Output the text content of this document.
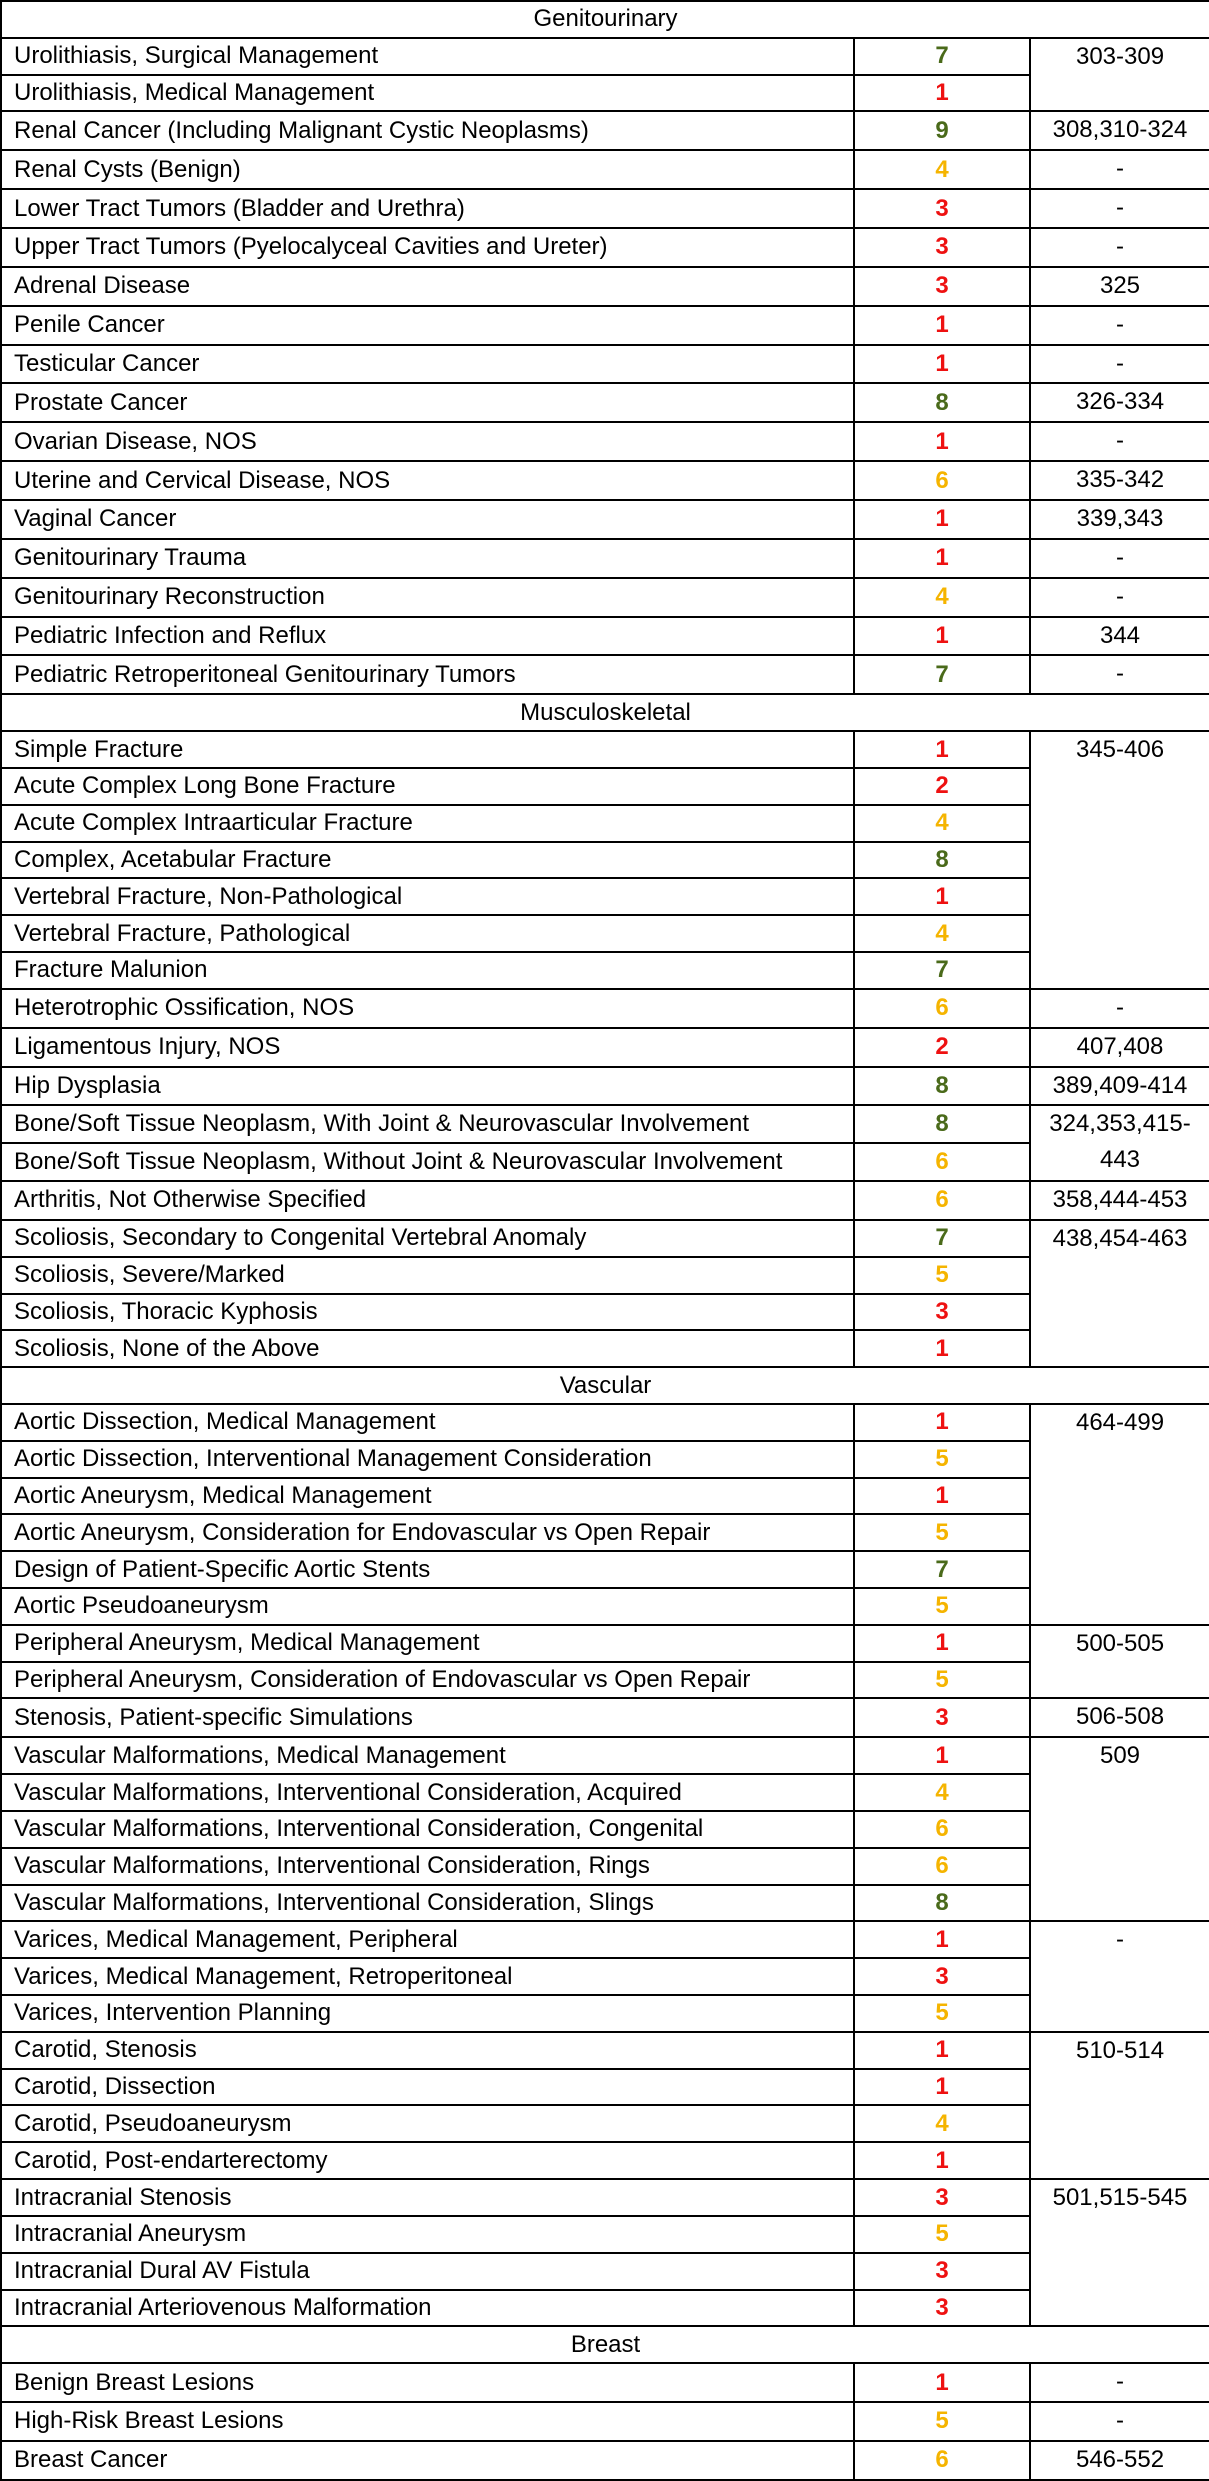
Genitourinary		
Urolithiasis, Surgical Management	7	303-309
Urolithiasis, Medical Management	1	
Renal Cancer (Including Malignant Cystic Neoplasms)	9	308,310-324
Renal Cysts (Benign)	4	-
Lower Tract Tumors (Bladder and Urethra)	3	-
Upper Tract Tumors (Pyelocalyceal Cavities and Ureter)	3	-
Adrenal Disease	3	325
Penile Cancer	1	-
Testicular Cancer	1	-
Prostate Cancer	8	326-334
Ovarian Disease, NOS	1	-
Uterine and Cervical Disease, NOS	6	335-342
Vaginal Cancer	1	339,343
Genitourinary Trauma	1	-
Genitourinary Reconstruction	4	-
Pediatric Infection and Reflux	1	344
Pediatric Retroperitoneal Genitourinary Tumors	7	-
Musculoskeletal		
Simple Fracture	1	345-406
Acute Complex Long Bone Fracture	2	
Acute Complex Intraarticular Fracture	4	
Complex, Acetabular Fracture	8	
Vertebral Fracture, Non-Pathological	1	
Vertebral Fracture, Pathological	4	
Fracture Malunion	7	
Heterotrophic Ossification, NOS	6	-
Ligamentous Injury, NOS	2	407,408
Hip Dysplasia	8	389,409-414
Bone/Soft Tissue Neoplasm, With Joint & Neurovascular Involvement	8	324,353,415-443
Bone/Soft Tissue Neoplasm, Without Joint & Neurovascular Involvement	6	
Arthritis, Not Otherwise Specified	6	358,444-453
Scoliosis, Secondary to Congenital Vertebral Anomaly	7	438,454-463
Scoliosis, Severe/Marked	5	
Scoliosis, Thoracic Kyphosis	3	
Scoliosis, None of the Above	1	
Vascular		
Aortic Dissection, Medical Management	1	464-499
Aortic Dissection, Interventional Management Consideration	5	
Aortic Aneurysm, Medical Management	1	
Aortic Aneurysm, Consideration for Endovascular vs Open Repair	5	
Design of Patient-Specific Aortic Stents	7	
Aortic Pseudoaneurysm	5	
Peripheral Aneurysm, Medical Management	1	500-505
Peripheral Aneurysm, Consideration of Endovascular vs Open Repair	5	
Stenosis, Patient-specific Simulations	3	506-508
Vascular Malformations, Medical Management	1	509
Vascular Malformations, Interventional Consideration, Acquired	4	
Vascular Malformations, Interventional Consideration, Congenital	6	
Vascular Malformations, Interventional Consideration, Rings	6	
Vascular Malformations, Interventional Consideration, Slings	8	
Varices, Medical Management, Peripheral	1	-
Varices, Medical Management, Retroperitoneal	3	
Varices, Intervention Planning	5	
Carotid, Stenosis	1	510-514
Carotid, Dissection	1	
Carotid, Pseudoaneurysm	4	
Carotid, Post-endarterectomy	1	
Intracranial Stenosis	3	501,515-545
Intracranial Aneurysm	5	
Intracranial Dural AV Fistula	3	
Intracranial Arteriovenous Malformation	3	
Breast		
Benign Breast Lesions	1	-
High-Risk Breast Lesions	5	-
Breast Cancer	6	546-552
